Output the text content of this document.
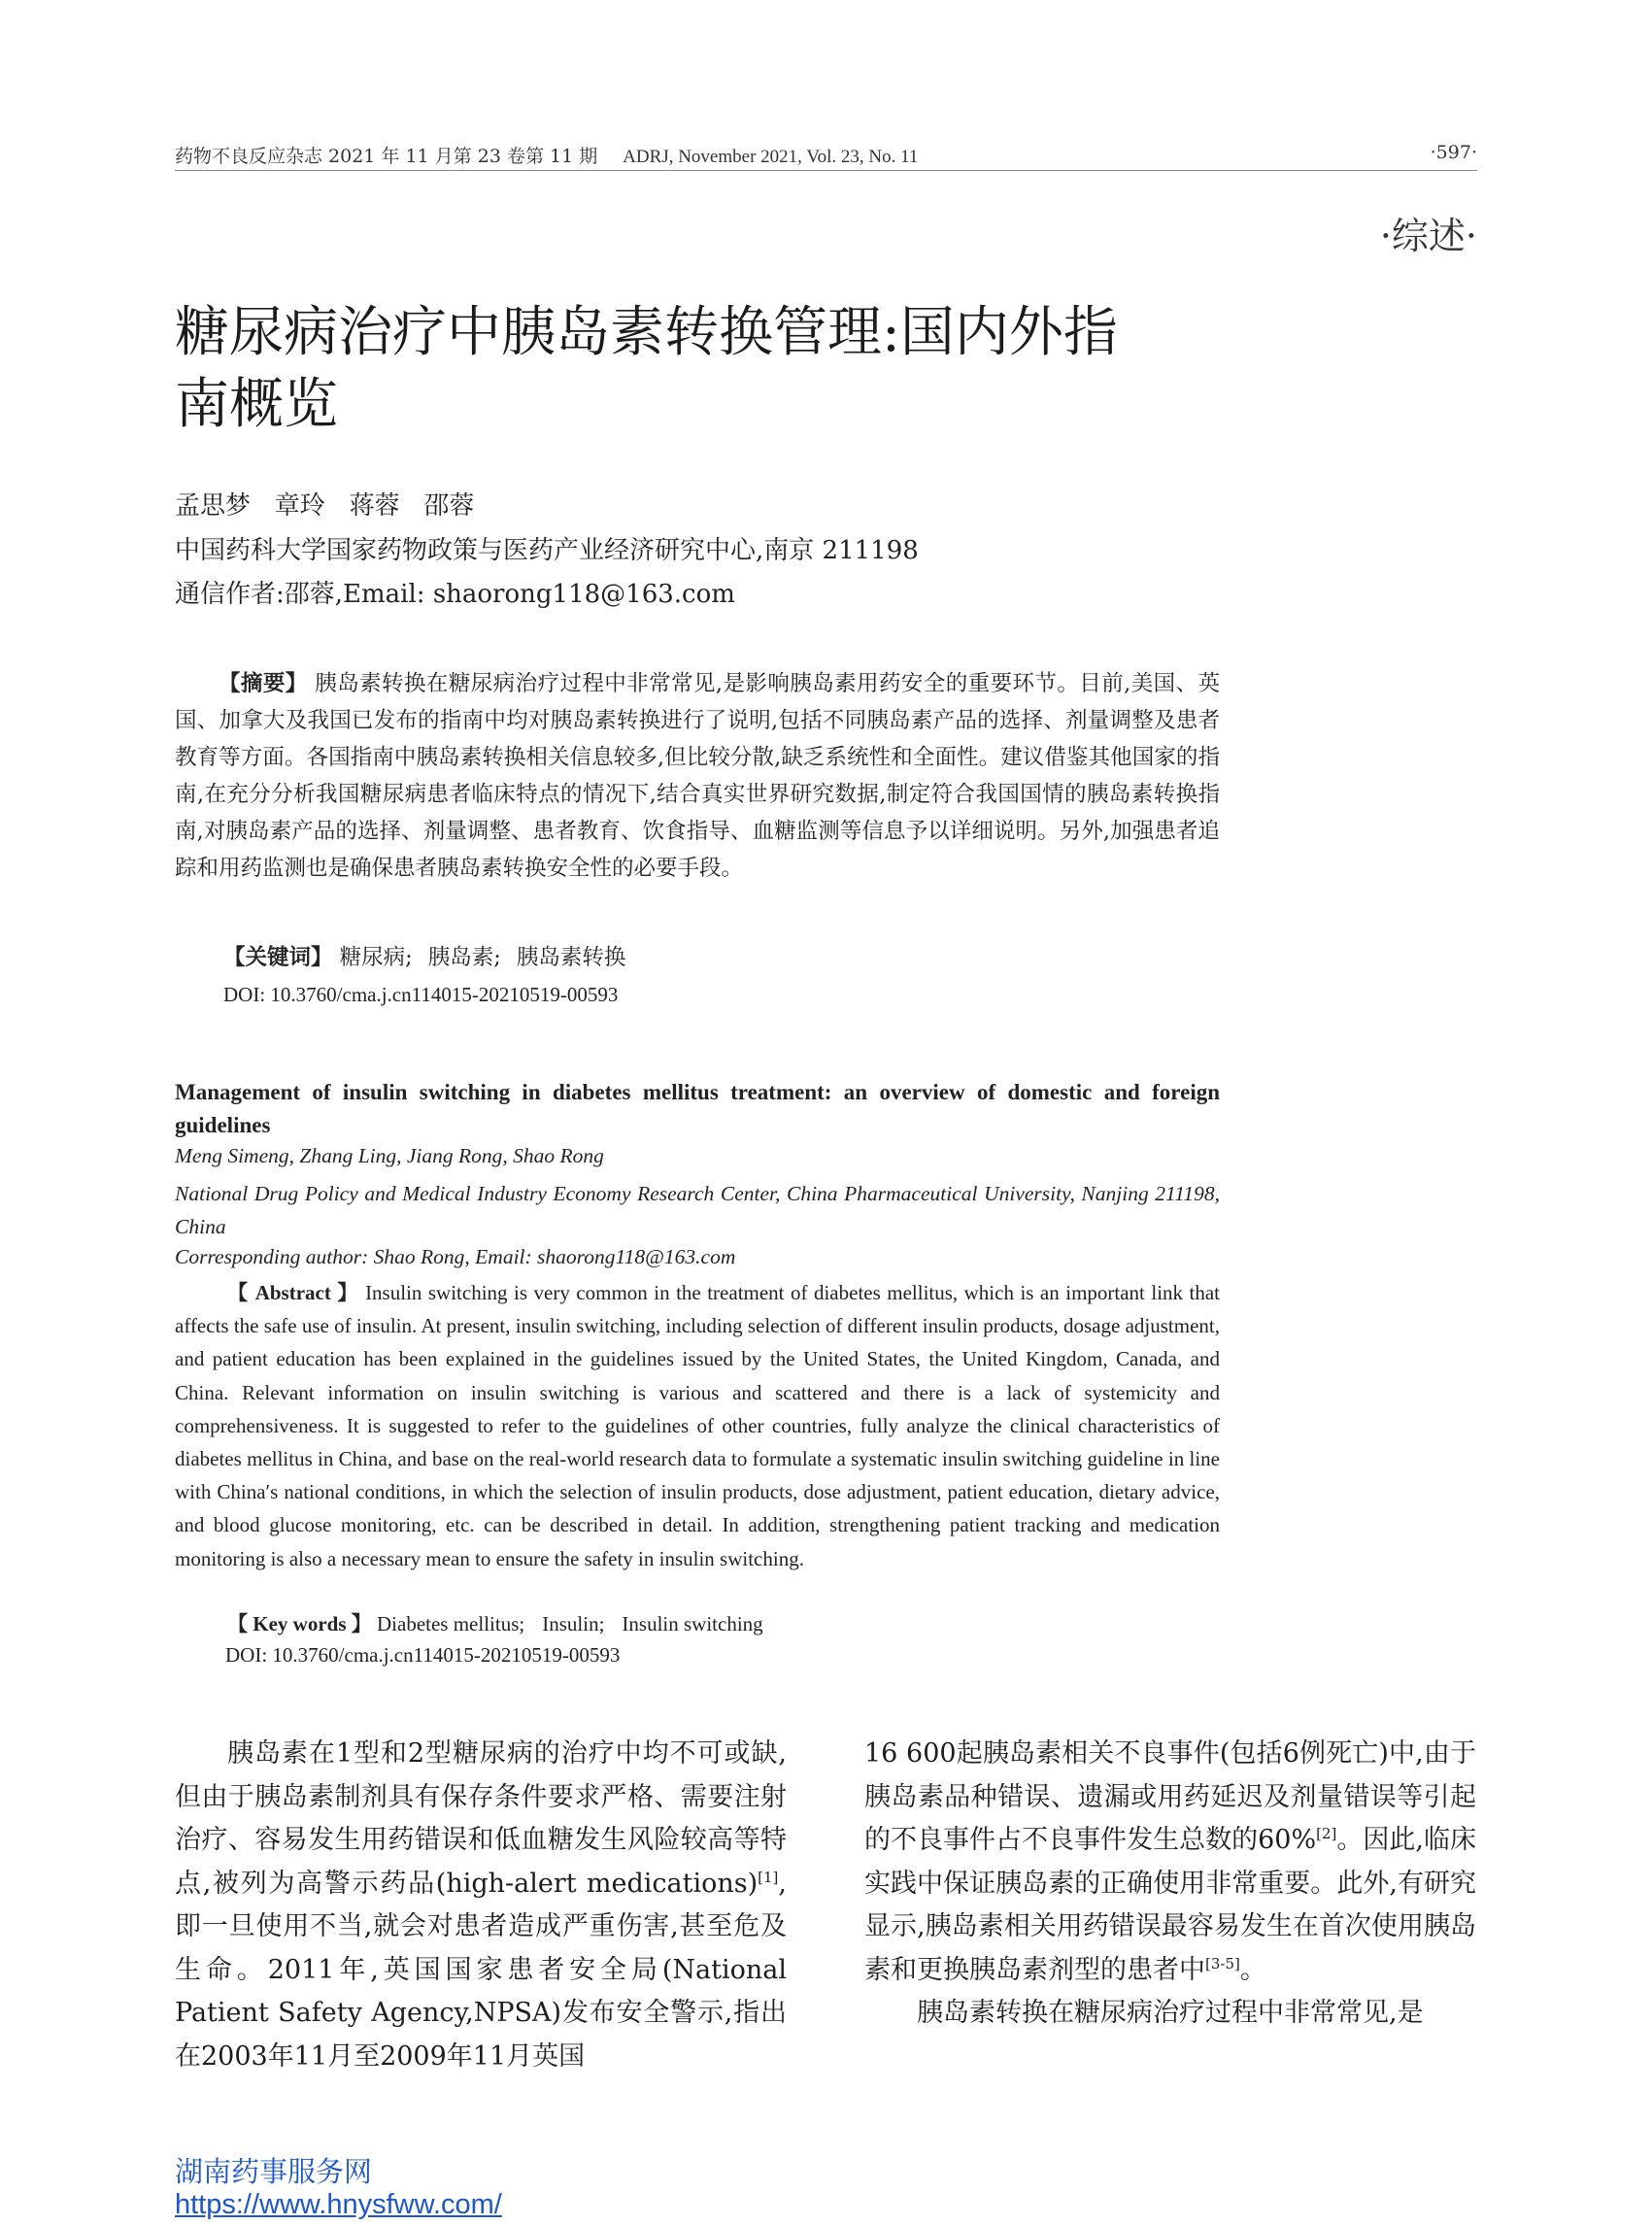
药物不良反应杂志 2021 年 11 月第 23 卷第 11 期 ADRJ, November 2021, Vol. 23, No. 11	·597·
·综述·
糖尿病治疗中胰岛素转换管理:国内外指南概览
孟思梦   章玲   蒋蓉   邵蓉
中国药科大学国家药物政策与医药产业经济研究中心,南京 211198
通信作者:邵蓉,Email: shaorong118@163.com
【摘要】 胰岛素转换在糖尿病治疗过程中非常常见,是影响胰岛素用药安全的重要环节。目前,美国、英国、加拿大及我国已发布的指南中均对胰岛素转换进行了说明,包括不同胰岛素产品的选择、剂量调整及患者教育等方面。各国指南中胰岛素转换相关信息较多,但比较分散,缺乏系统性和全面性。建议借鉴其他国家的指南,在充分分析我国糖尿病患者临床特点的情况下,结合真实世界研究数据,制定符合我国国情的胰岛素转换指南,对胰岛素产品的选择、剂量调整、患者教育、饮食指导、血糖监测等信息予以详细说明。另外,加强患者追踪和用药监测也是确保患者胰岛素转换安全性的必要手段。
【关键词】 糖尿病; 胰岛素; 胰岛素转换
DOI: 10.3760/cma.j.cn114015-20210519-00593
Management of insulin switching in diabetes mellitus treatment: an overview of domestic and foreign guidelines
Meng Simeng, Zhang Ling, Jiang Rong, Shao Rong
National Drug Policy and Medical Industry Economy Research Center, China Pharmaceutical University, Nanjing 211198, China
Corresponding author: Shao Rong, Email: shaorong118@163.com
【 Abstract 】 Insulin switching is very common in the treatment of diabetes mellitus, which is an important link that affects the safe use of insulin. At present, insulin switching, including selection of different insulin products, dosage adjustment, and patient education has been explained in the guidelines issued by the United States, the United Kingdom, Canada, and China. Relevant information on insulin switching is various and scattered and there is a lack of systemicity and comprehensiveness. It is suggested to refer to the guidelines of other countries, fully analyze the clinical characteristics of diabetes mellitus in China, and base on the real-world research data to formulate a systematic insulin switching guideline in line with China′s national conditions, in which the selection of insulin products, dose adjustment, patient education, dietary advice, and blood glucose monitoring, etc. can be described in detail. In addition, strengthening patient tracking and medication monitoring is also a necessary mean to ensure the safety in insulin switching.
【 Key words 】 Diabetes mellitus; Insulin; Insulin switching
DOI: 10.3760/cma.j.cn114015-20210519-00593
胰岛素在1型和2型糖尿病的治疗中均不可或缺,但由于胰岛素制剂具有保存条件要求严格、需要注射治疗、容易发生用药错误和低血糖发生风险较高等特点,被列为高警示药品(high-alert medications)[1],即一旦使用不当,就会对患者造成严重伤害,甚至危及生命。2011年,英国国家患者安全局(National Patient Safety Agency,NPSA)发布安全警示,指出在2003年11月至2009年11月英国
16 600起胰岛素相关不良事件(包括6例死亡)中,由于胰岛素品种错误、遗漏或用药延迟及剂量错误等引起的不良事件占不良事件发生总数的60%[2]。因此,临床实践中保证胰岛素的正确使用非常重要。此外,有研究显示,胰岛素相关用药错误最容易发生在首次使用胰岛素和更换胰岛素剂型的患者中[3-5]。
胰岛素转换在糖尿病治疗过程中非常常见,是
湖南药事服务网
https://www.hnysfww.com/
